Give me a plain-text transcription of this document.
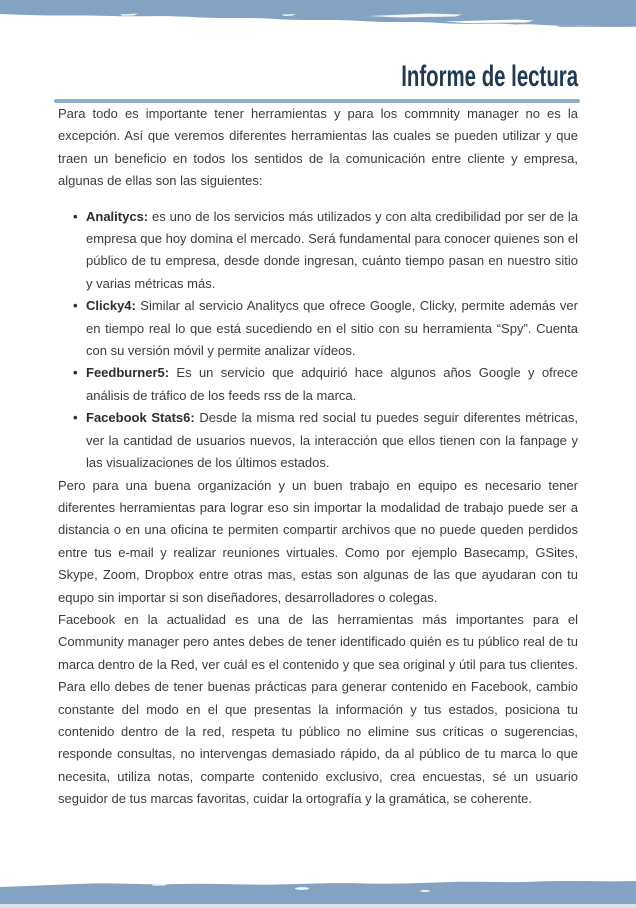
Informe de lectura

Para todo es importante tener herramientas y para los commnity manager no es la excepción. Así que veremos diferentes herramientas las cuales se pueden utilizar y que traen un beneficio en todos los sentidos de la comunicación entre cliente y empresa, algunas de ellas son las siguientes:

• Analitycs: es uno de los servicios más utilizados y con alta credibilidad por ser de la empresa que hoy domina el mercado. Será fundamental para conocer quienes son el público de tu empresa, desde donde ingresan, cuánto tiempo pasan en nuestro sitio y varias métricas más.
• Clicky4: Similar al servicio Analitycs que ofrece Google, Clicky, permite además ver en tiempo real lo que está sucediendo en el sitio con su herramienta “Spy”. Cuenta con su versión móvil y permite analizar vídeos.
• Feedburner5: Es un servicio que adquirió hace algunos años Google y ofrece análisis de tráfico de los feeds rss de la marca.
• Facebook Stats6: Desde la misma red social tu puedes seguir diferentes métricas, ver la cantidad de usuarios nuevos, la interacción que ellos tienen con la fanpage y las visualizaciones de los últimos estados.

Pero para una buena organización y un buen trabajo en equipo es necesario tener diferentes herramientas para lograr eso sin importar la modalidad de trabajo puede ser a distancia o en una oficina te permiten compartir archivos que no puede queden perdidos entre tus e-mail y realizar reuniones virtuales. Como por ejemplo Basecamp, GSites, Skype, Zoom, Dropbox entre otras mas, estas son algunas de las que ayudaran con tu equpo sin importar si son diseñadores, desarrolladores o colegas.

Facebook en la actualidad es una de las herramientas más importantes para el Community manager pero antes debes de tener identificado quién es tu público real de tu marca dentro de la Red, ver cuál es el contenido y que sea original y útil para tus clientes. Para ello debes de tener buenas prácticas para generar contenido en Facebook, cambio constante del modo en el que presentas la información y tus estados, posiciona tu contenido dentro de la red, respeta tu público no elimine sus críticas o sugerencias, responde consultas, no intervengas demasiado rápido, da al público de tu marca lo que necesita, utiliza notas, comparte contenido exclusivo, crea encuestas, sé un usuario seguidor de tus marcas favoritas, cuidar la ortografía y la gramática, se coherente.
